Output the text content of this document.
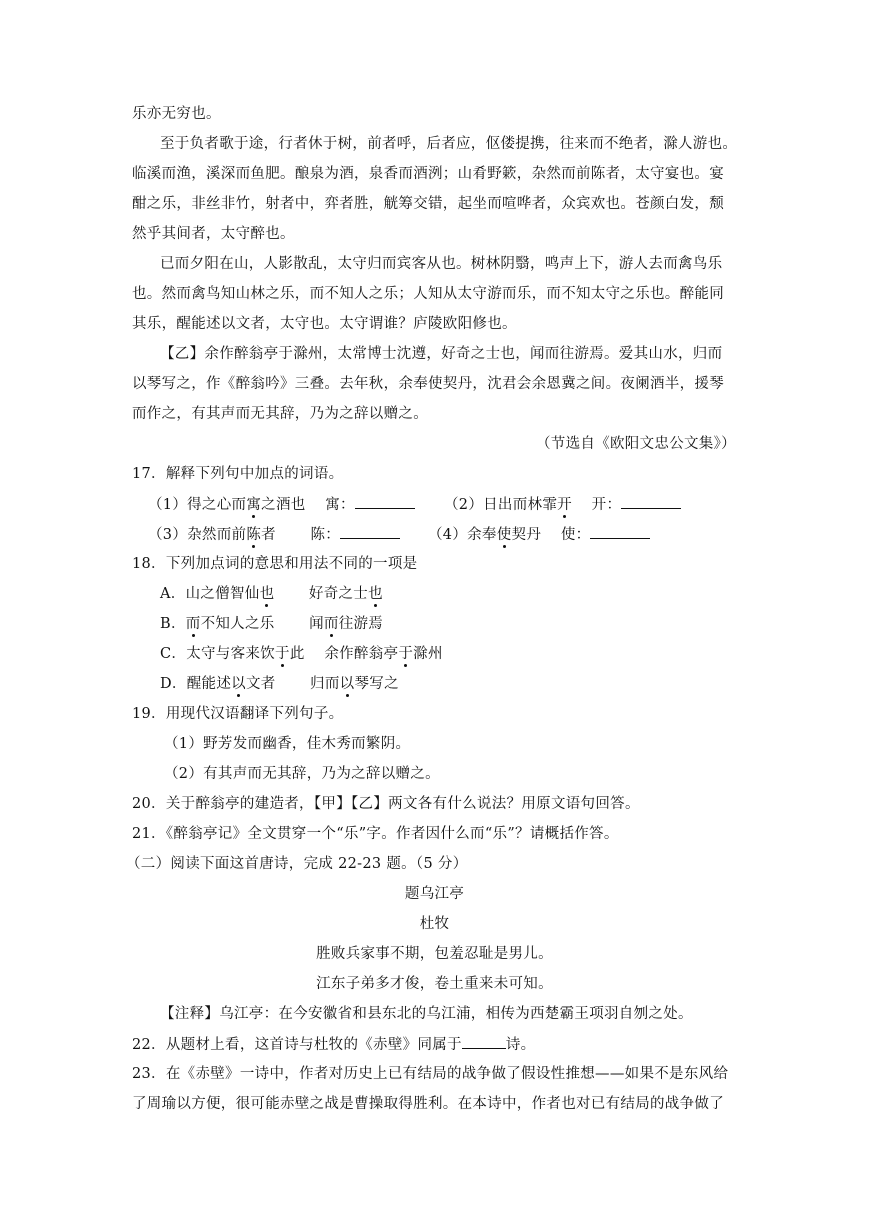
乐亦无穷也。
至于负者歌于途，行者休于树，前者呼，后者应，伛偻提携，往来而不绝者，滁人游也。
临溪而渔，溪深而鱼肥。酿泉为酒，泉香而酒洌；山肴野簌，杂然而前陈者，太守宴也。宴
酣之乐，非丝非竹，射者中，弈者胜，觥筹交错，起坐而喧哗者，众宾欢也。苍颜白发，颓
然乎其间者，太守醉也。
已而夕阳在山，人影散乱，太守归而宾客从也。树林阴翳，鸣声上下，游人去而禽鸟乐
也。然而禽鸟知山林之乐，而不知人之乐；人知从太守游而乐，而不知太守之乐也。醉能同
其乐，醒能述以文者，太守也。太守谓谁？庐陵欧阳修也。
【乙】余作醉翁亭于滁州，太常博士沈遵，好奇之士也，闻而往游焉。爱其山水，归而
以琴写之，作《醉翁吟》三叠。去年秋，余奉使契丹，沈君会余恩冀之间。夜阑酒半，援琴
而作之，有其声而无其辞，乃为之辞以赠之。
（节选自《欧阳文忠公文集》）
17．解释下列句中加点的词语。
（1）得之心而寓之酒也　 寓：	（2）日出而林霏开　 开：
（3）杂然而前陈者　　 陈：	（4）余奉使契丹　 使：
18．下列加点词的意思和用法不同的一项是
A．山之僧智仙也　　 好奇之士也
B．而不知人之乐　　 闻而往游焉
C．太守与客来饮于此　 余作醉翁亭于滁州
D．醒能述以文者　　 归而以琴写之
19．用现代汉语翻译下列句子。
（1）野芳发而幽香，佳木秀而繁阴。
（2）有其声而无其辞，乃为之辞以赠之。
20．关于醉翁亭的建造者，【甲】【乙】两文各有什么说法？用原文语句回答。
21．《醉翁亭记》全文贯穿一个“乐”字。作者因什么而“乐”？请概括作答。
（二）阅读下面这首唐诗，完成 22-23 题。（5 分）
题乌江亭
杜牧
胜败兵家事不期，包羞忍耻是男儿。
江东子弟多才俊，卷土重来未可知。
【注释】乌江亭：在今安徽省和县东北的乌江浦，相传为西楚霸王项羽自刎之处。
22．从题材上看，这首诗与杜牧的《赤壁》同属于	诗。
23．在《赤壁》一诗中，作者对历史上已有结局的战争做了假设性推想——如果不是东风给
了周瑜以方便，很可能赤壁之战是曹操取得胜利。在本诗中，作者也对已有结局的战争做了
